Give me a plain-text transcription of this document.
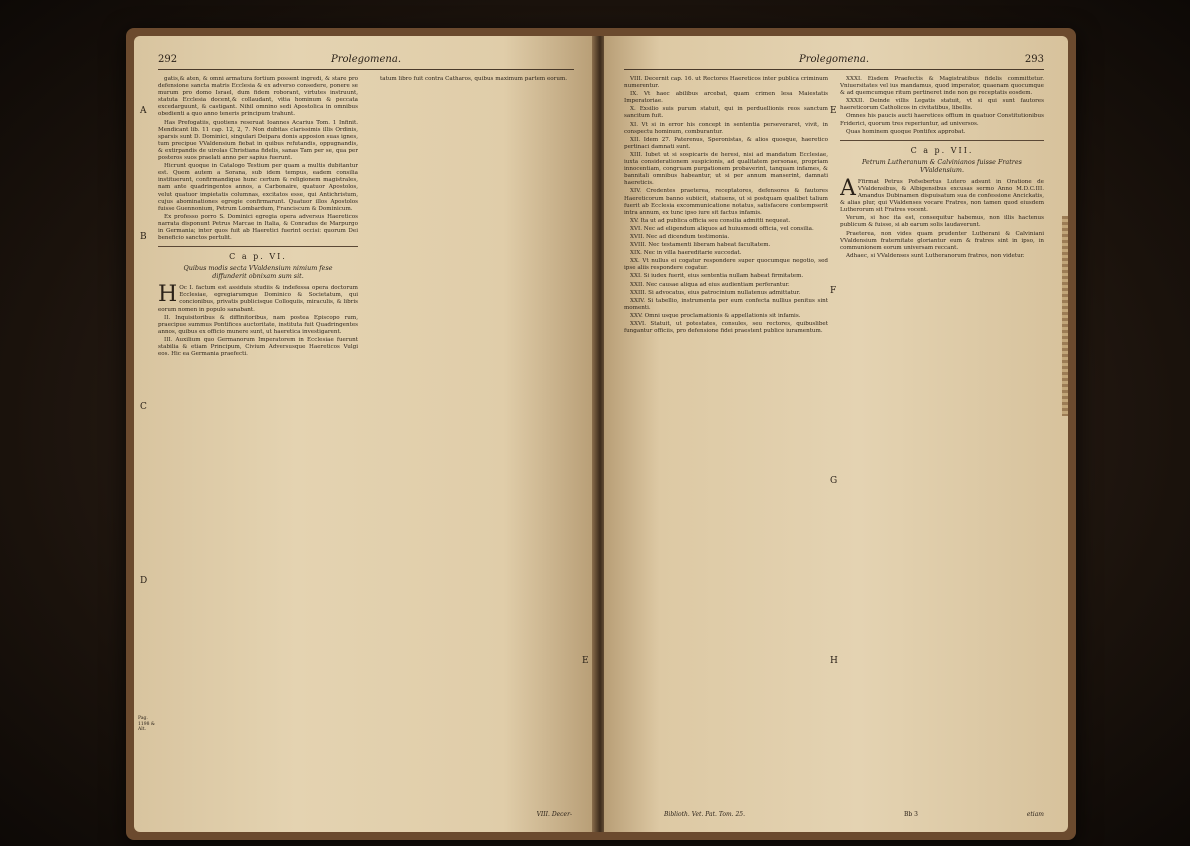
292	Prolegomena.
A
B
C
D
E
Pag. 1198 & Alt.

gatis,& aten, & omni armatura fortium possent ingredi, & stare pro defensione sancta matris Ecclesia & ex adverso consedere, ponere se murum pro domo Israel, dum fidem roborant, virtutes instruunt, statuta Ecclesia docent,& collaudant, vitia hominum & peccata excedarguunt, & castigant. Nihil omnino sedi Apostolica in omnibus obedienti a quo anno teneris principum trahunt.

Has Prefogatiis, quotiens reseruat Ioannes Acarius Tom. 1 Infinit. Mendicant lib. 11 cap. 12, 2, 7. Non dubitas clarissimis illis Ordinis, sparsis sunt D. Dominici, singulari Deipara donis apposion suas ignes, tum precipue VValdensium fiebat in quibus refutandis, oppugnandis, & extirpandis de uirolas Christiana fidelis, sanas Tam per se, qua per posteros suos praelati anno per sapius fuerunt.

Hicrunt quoque in Catalogo Testium per quam a multis dubitantur est. Quem autem a Sorana, sub idem tempus, eadem consilia instituerunt, confirmandique hunc certum & religionem magistrales, nam ante quadringentos annos, a Carbonaire, quatuor Apostolos, velut quatuor impietatis columnas, excitatos esse, qui Antichristum, cujus abominationes egregie confirmarunt. Quatuor illos Apostolos fuisse Guennonium, Petrum Lombardum, Franciscum & Dominicum.

Ex professo porro S. Dominici egregia opera adversus Haereticos narrata disponunt Petrus Marcae in Italia, & Conradus de Marpurgo in Germania; inter quos fuit ab Haeretici fuerint occisi: quorum Dei beneficio sanctos pertulit.

C a p. VI.
Quibus modis secta VValdensium nimium fese diffunderit obnixam sum sit.

H Oc I. factum est assiduis studiis & indefessa opera doctorum Ecclesiae, egregiarumque Dominico & Societatum, qui concionibus, privatis publicisque Colloquiis, miraculis, & libris eorum nomen in populo sanabant.

II. Inquisitoribus & diffinitoribus, nam postea Episcopo rum, praecipue summus Pontifices auctoritate, instituta fuit Quadringentes annos, quibus ex officio munere sunt, ut haeretica investigarent.

III. Auxilium quo Germanorum Imperatorem in Ecclesiae fuerunt stabilia & etiam Principum, Civium Adversusque Haereticos Vulgi eos. Hic ea Germania praefecti.

tatum libro fuit contra Catharos, quibus maximum partem eorum.

VIII. Decer-
Prolegomena.	293
E
F
G
H

VIII. Decernit cap. 16. ut Rectores Haereticos inter publica criminum numerentur.

IX. Vt haec abilibus arcebat, quam crimen lesa Maiestatis Imperatoriae.

X. Exsilio suis purum statuit, qui in perduellionis reos sanctum sancitum fuit.

XI. Vt si in error his concept in sententia perseveraret, vivit, in conspectu hominum, comburantur.

XII. Idem 27. Paterenus, Speronistas, & alios quosque, haeretico pertinaci damnati sunt.

XIII. Iubet ut si sospicaris de heresi, nisi ad mandatum Ecclesiae, iuxta considerationem suspicionis, ad qualitatem personae, propriam innocentiam, congruam purgationem probaverint, tanquam infames, & bannitali omnibus habeantur, ut si per annum manserint, damnati haereticis.

XIV. Credentes praeterea, receptatores, defensores & fautores Haereticorum banno subiicit, statuens, ut si postquam qualibet talium fuerit ab Ecclesia excommunicatione notatus, satisfacere contempserit intra annum, ex tunc ipso iure sit factus infamis.

XV. Ita ut ad publica officia seu consilia admitti nequeat.

XVI. Nec ad eligendum aliquos ad huiusmodi officia, vel consilia.

XVII. Nec ad dicendum testimonia.

XVIII. Nec testamenti liberam habeat facultatem.

XIX. Nec in villa haereditarie succedat.

XX. Vt nullus ei cogatur respondere super quocumque negotio, sed ipse aliis respondere cogatur.

XXI. Si iudex fuerit, eius sententia nullam habeat firmitatem.

XXII. Nec causae aliqua ad eius audientiam perferantur.

XXIII. Si advocatus, eius patrocinium nullatenus admittatur.

XXIV. Si tabellio, instrumenta per eum confecta nullius penitus sint momenti.

XXV. Omni usque proclamationis & appellationis sit infamis.

XXVI. Statuit, ut potestates, consules, seu rectores, quibuslibet fungantur officiis, pro defensione fidei praestent publice iuramentum.

XXXI. Eisdem Praefectis & Magistratibus fidelis committetur. Vniuersitates vel ius mandamus, quod imperator, quaenam quocumque & ad quemcumque ritum pertineret inde non ge receptatis eosdem.

XXXII. Deinde villis Legatis statuit, vt si qui sunt fautores haereticorum Catholicos in civitatibus, libellis.

Omnes his paucis aucti haeretices offium in quatuor Constitutionibus Friderici, quorum tres reperiuntur, ad universos.

Quas hominem quoque Pontifex approbat.

C a p. VII.
Petrum Lutheranum & Calvinianos fuisse Fratres VValdensium.

A Ffirmat Petrus Pofsebertus Lutero adsunt in Oratione de VValdensibus, & Albigensibus excusas sermo Anno M.D.C.III. Amandus Dubinamen dispuisatum sua de confessione Ancickatis, & alias plur, qui VValdenses vocare Fratres, non tamen quod eiusdem Lutherorum sit Fratres vocent.

Verum, si hoc ita est, consequitur habemus, non illis hactenus publicum & fuisse, si ab earum solis laudaverunt.

Praeterea, non vides quam prudenter Lutherani & Calviniani VValdensium fraternitate gloriantur eum & fratres sint in ipso, in communionem eorum universam reccant.

Adhaec, si VValdenses sunt Lutheranorum fratres, non videtur.

Biblioth. Vet. Pat. Tom. 25.	Bb 3	etiam
